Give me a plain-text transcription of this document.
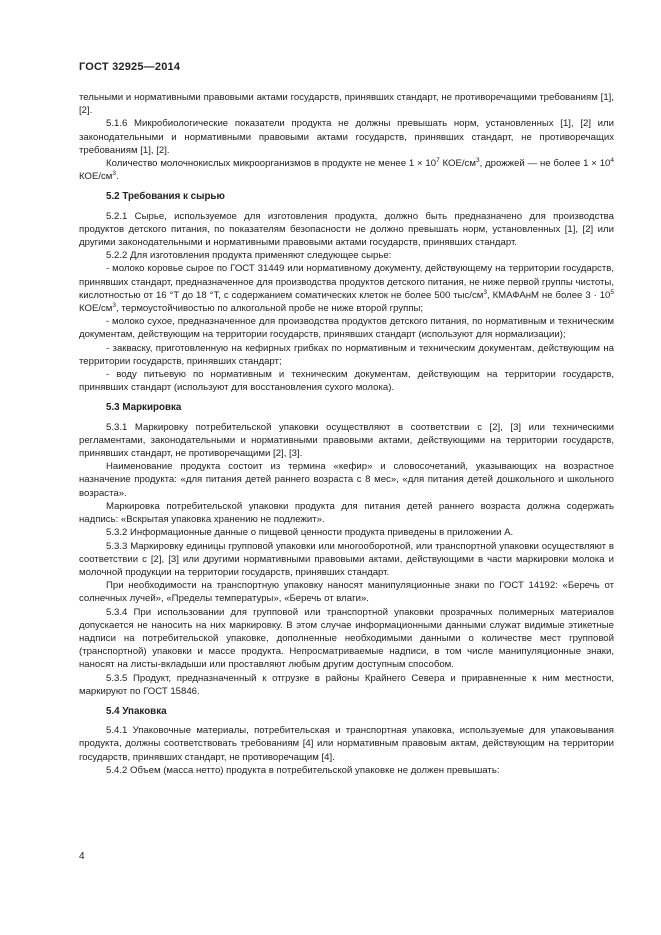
ГОСТ 32925—2014

тельными и нормативными правовыми актами государств, принявших стандарт, не противоречащими требованиям [1], [2].

5.1.6 Микробиологические показатели продукта не должны превышать норм, установленных [1], [2] или законодательными и нормативными правовыми актами государств, принявших стандарт, не противоречащих требованиям [1], [2].

Количество молочнокислых микроорганизмов в продукте не менее $1 \times 10^7$ КОЕ/$см^3$, дрожжей — не более $1 \times 10^4$ КОЕ/$см^3$.

5.2 Требования к сырью

5.2.1 Сырье, используемое для изготовления продукта, должно быть предназначено для производства продуктов детского питания, по показателям безопасности не должно превышать норм, установленных [1], [2] или другими законодательными и нормативными правовыми актами государств, принявших стандарт.

5.2.2 Для изготовления продукта применяют следующее сырье:

- молоко коровье сырое по ГОСТ 31449 или нормативному документу, действующему на территории государств, принявших стандарт, предназначенное для производства продуктов детского питания, не ниже первой группы чистоты, кислотностью от 16 °Т до 18 °Т, с содержанием соматических клеток не более 500 тыс/$см^3$, КМАФАнМ не более $3 \cdot 10^5$ КОЕ/$см^3$, термоустойчивостью по алкогольной пробе не ниже второй группы;

- молоко сухое, предназначенное для производства продуктов детского питания, по нормативным и техническим документам, действующим на территории государств, принявших стандарт (используют для нормализации);

- закваску, приготовленную на кефирных грибках по нормативным и техническим документам, действующим на территории государств, принявших стандарт;

- воду питьевую по нормативным и техническим документам, действующим на территории государств, принявших стандарт (используют для восстановления сухого молока).

5.3 Маркировка

5.3.1 Маркировку потребительской упаковки осуществляют в соответствии с [2], [3] или техническими регламентами, законодательными и нормативными правовыми актами, действующими на территории государств, принявших стандарт, не противоречащими [2], [3].

Наименование продукта состоит из термина «кефир» и словосочетаний, указывающих на возрастное назначение продукта: «для питания детей раннего возраста с 8 мес», «для питания детей дошкольного и школьного возраста».

Маркировка потребительской упаковки продукта для питания детей раннего возраста должна содержать надпись: «Вскрытая упаковка хранению не подлежит».

5.3.2 Информационные данные о пищевой ценности продукта приведены в приложении А.

5.3.3 Маркировку единицы групповой упаковки или многооборотной, или транспортной упаковки осуществляют в соответствии с [2], [3] или другими нормативными правовыми актами, действующими в части маркировки молока и молочной продукции на территории государств, принявших стандарт.

При необходимости на транспортную упаковку наносят манипуляционные знаки по ГОСТ 14192: «Беречь от солнечных лучей», «Пределы температуры», «Беречь от влаги».

5.3.4 При использовании для групповой или транспортной упаковки прозрачных полимерных материалов допускается не наносить на них маркировку. В этом случае информационными данными служат видимые этикетные надписи на потребительской упаковке, дополненные необходимыми данными о количестве мест групповой (транспортной) упаковки и массе продукта. Непросматриваемые надписи, в том числе манипуляционные знаки, наносят на листы-вкладыши или проставляют любым другим доступным способом.

5.3.5 Продукт, предназначенный к отгрузке в районы Крайнего Севера и приравненные к ним местности, маркируют по ГОСТ 15846.

5.4 Упаковка

5.4.1 Упаковочные материалы, потребительская и транспортная упаковка, используемые для упаковывания продукта, должны соответствовать требованиям [4] или нормативным правовым актам, действующим на территории государств, принявших стандарт, не противоречащим [4].

5.4.2 Объем (масса нетто) продукта в потребительской упаковке не должен превышать:

4
